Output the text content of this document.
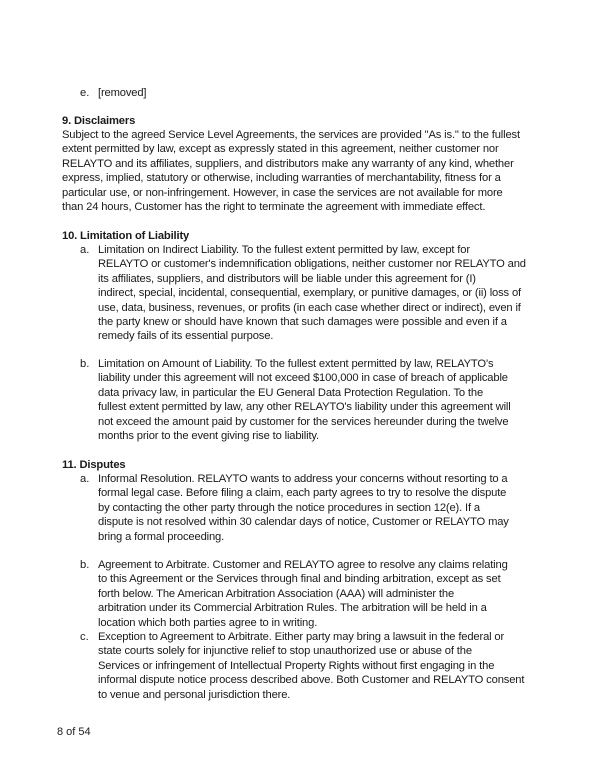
e. [removed]
9. Disclaimers
Subject to the agreed Service Level Agreements, the services are provided "As is." to the fullest
extent permitted by law, except as expressly stated in this agreement, neither customer nor
RELAYTO and its affiliates, suppliers, and distributors make any warranty of any kind, whether
express, implied, statutory or otherwise, including warranties of merchantability, fitness for a
particular use, or non-infringement. However, in case the services are not available for more
than 24 hours, Customer has the right to terminate the agreement with immediate effect.
10. Limitation of Liability
a. Limitation on Indirect Liability. To the fullest extent permitted by law, except for
RELAYTO or customer's indemnification obligations, neither customer nor RELAYTO and
its affiliates, suppliers, and distributors will be liable under this agreement for (I)
indirect, special, incidental, consequential, exemplary, or punitive damages, or (ii) loss of
use, data, business, revenues, or profits (in each case whether direct or indirect), even if
the party knew or should have known that such damages were possible and even if a
remedy fails of its essential purpose.
b. Limitation on Amount of Liability. To the fullest extent permitted by law, RELAYTO's
liability under this agreement will not exceed $100,000 in case of breach of applicable
data privacy law, in particular the EU General Data Protection Regulation. To the
fullest extent permitted by law, any other RELAYTO's liability under this agreement will
not exceed the amount paid by customer for the services hereunder during the twelve
months prior to the event giving rise to liability.
11. Disputes
a. Informal Resolution. RELAYTO wants to address your concerns without resorting to a
formal legal case. Before filing a claim, each party agrees to try to resolve the dispute
by contacting the other party through the notice procedures in section 12(e). If a
dispute is not resolved within 30 calendar days of notice, Customer or RELAYTO may
bring a formal proceeding.
b. Agreement to Arbitrate. Customer and RELAYTO agree to resolve any claims relating
to this Agreement or the Services through final and binding arbitration, except as set
forth below. The American Arbitration Association (AAA) will administer the
arbitration under its Commercial Arbitration Rules. The arbitration will be held in a
location which both parties agree to in writing.
c. Exception to Agreement to Arbitrate. Either party may bring a lawsuit in the federal or
state courts solely for injunctive relief to stop unauthorized use or abuse of the
Services or infringement of Intellectual Property Rights without first engaging in the
informal dispute notice process described above. Both Customer and RELAYTO consent
to venue and personal jurisdiction there.
8 of 54
